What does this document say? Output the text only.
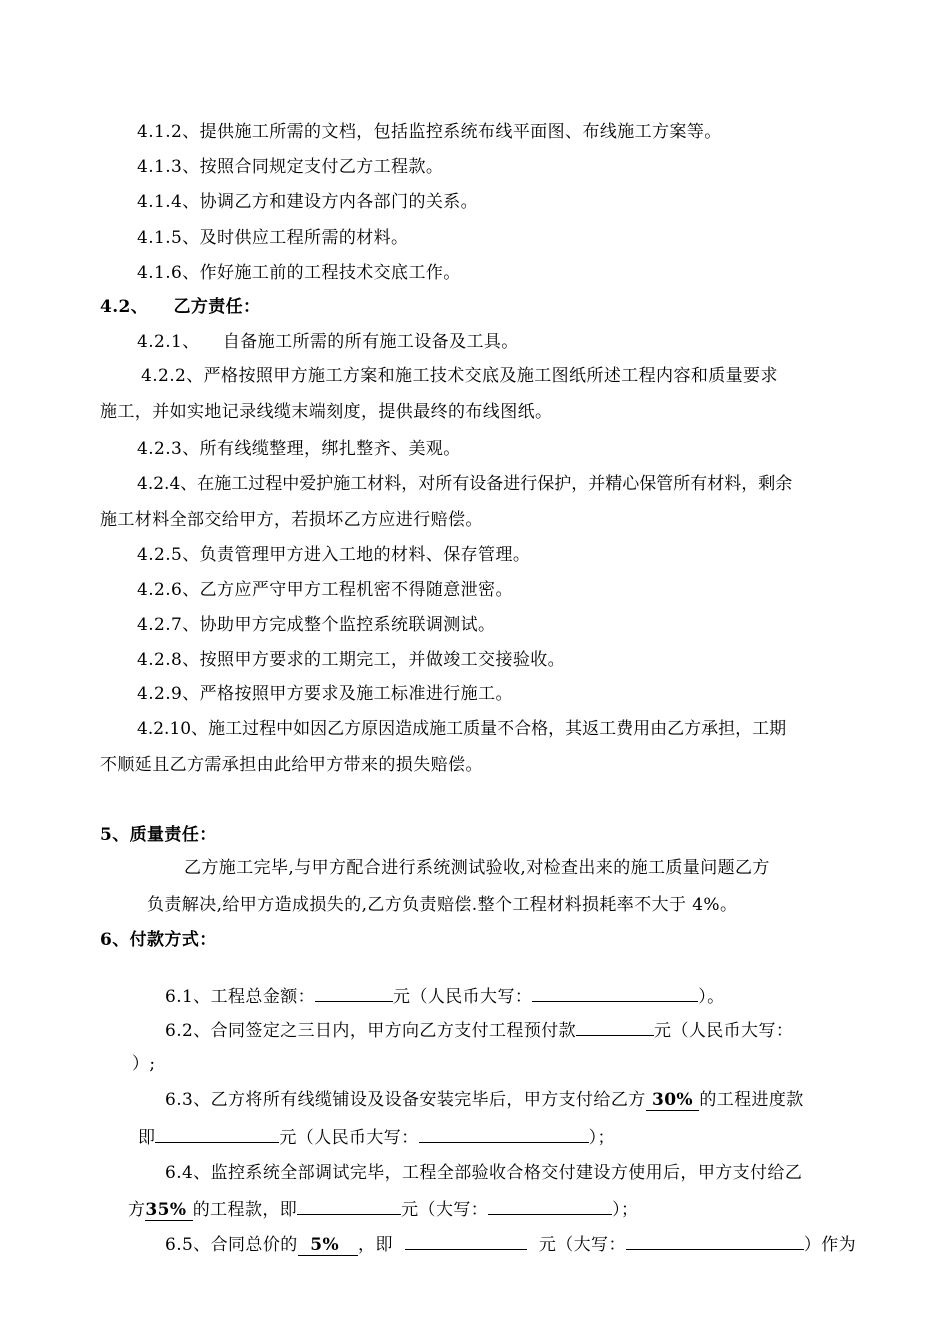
4.1.2、提供施工所需的文档，包括监控系统布线平面图、布线施工方案等。
4.1.3、按照合同规定支付乙方工程款。
4.1.4、协调乙方和建设方内各部门的关系。
4.1.5、及时供应工程所需的材料。
4.1.6、作好施工前的工程技术交底工作。
4.2、    乙方责任：
4.2.1、    自备施工所需的所有施工设备及工具。
4.2.2、严格按照甲方施工方案和施工技术交底及施工图纸所述工程内容和质量要求
施工，并如实地记录线缆末端刻度，提供最终的布线图纸。
4.2.3、所有线缆整理，绑扎整齐、美观。
4.2.4、在施工过程中爱护施工材料，对所有设备进行保护，并精心保管所有材料，剩余
施工材料全部交给甲方，若损坏乙方应进行赔偿。
4.2.5、负责管理甲方进入工地的材料、保存管理。
4.2.6、乙方应严守甲方工程机密不得随意泄密。
4.2.7、协助甲方完成整个监控系统联调测试。
4.2.8、按照甲方要求的工期完工，并做竣工交接验收。
4.2.9、严格按照甲方要求及施工标准进行施工。
4.2.10、施工过程中如因乙方原因造成施工质量不合格，其返工费用由乙方承担，工期
不顺延且乙方需承担由此给甲方带来的损失赔偿。
5、质量责任：
乙方施工完毕,与甲方配合进行系统测试验收,对检查出来的施工质量问题乙方
负责解决,给甲方造成损失的,乙方负责赔偿.整个工程材料损耗率不大于 4%。
6、付款方式：
6.1、工程总金额：	元（人民币大写：	）。
6.2、合同签定之三日内，甲方向乙方支付工程预付款	元（人民币大写：
）;
6.3、乙方将所有线缆铺设及设备安装完毕后，甲方支付给乙方 30% 的工程进度款
即	元（人民币大写：	）；
6.4、监控系统全部调试完毕，工程全部验收合格交付建设方使用后，甲方支付给乙
方35% 的工程款，即	元（大写：	）；
6.5、合同总价的 5% ，即	元（大写：	）作为
